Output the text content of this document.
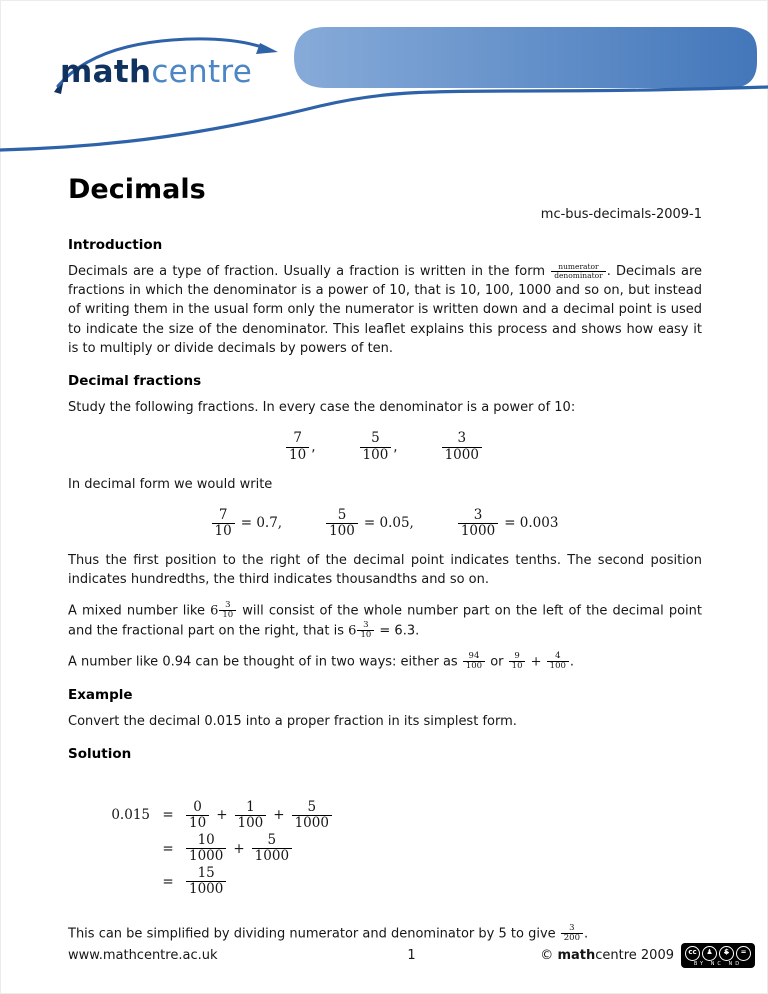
mathcentre
Decimals
mc-bus-decimals-2009-1
Introduction

Decimals are a type of fraction. Usually a fraction is written in the form $\frac{\text{numerator}}{\text{denominator}}$ . Decimals are fractions in which the denominator is a power of 10, that is 10, 100, 1000 and so on, but instead of writing them in the usual form only the numerator is written down and a decimal point is used to indicate the size of the denominator. This leaflet explains this process and shows how easy it is to multiply or divide decimals by powers of ten.

Decimal fractions

Study the following fractions. In every case the denominator is a power of 10:

$\frac{7}{10}$ ,	$\frac{5}{100}$ ,	$\frac{3}{1000}$

In decimal form we would write

$\frac{7}{10} = 0.7$,	$\frac{5}{100} = 0.05$,	$\frac{3}{1000} = 0.003$

Thus the first position to the right of the decimal point indicates tenths. The second position indicates hundredths, the third indicates thousandths and so on.

A mixed number like $6 \frac{3}{10}$ will consist of the whole number part on the left of the decimal point and the fractional part on the right, that is $6 \frac{3}{10} = 6.3$.

A number like 0.94 can be thought of in two ways: either as $\frac{94}{100}$ or $\frac{9}{10} + \frac{4}{100}$ .

Example

Convert the decimal 0.015 into a proper fraction in its simplest form.

Solution
$0.015 = \frac{0}{10} + \frac{1}{100} + \frac{5}{1000}$
= $\frac{10}{1000} + \frac{5}{1000}$
= $\frac{15}{1000}$

This can be simplified by dividing numerator and denominator by 5 to give $\frac{3}{200}$ .

www.mathcentre.ac.uk	1	© mathcentre 2009	cc	♟	$	=
BY NC ND
